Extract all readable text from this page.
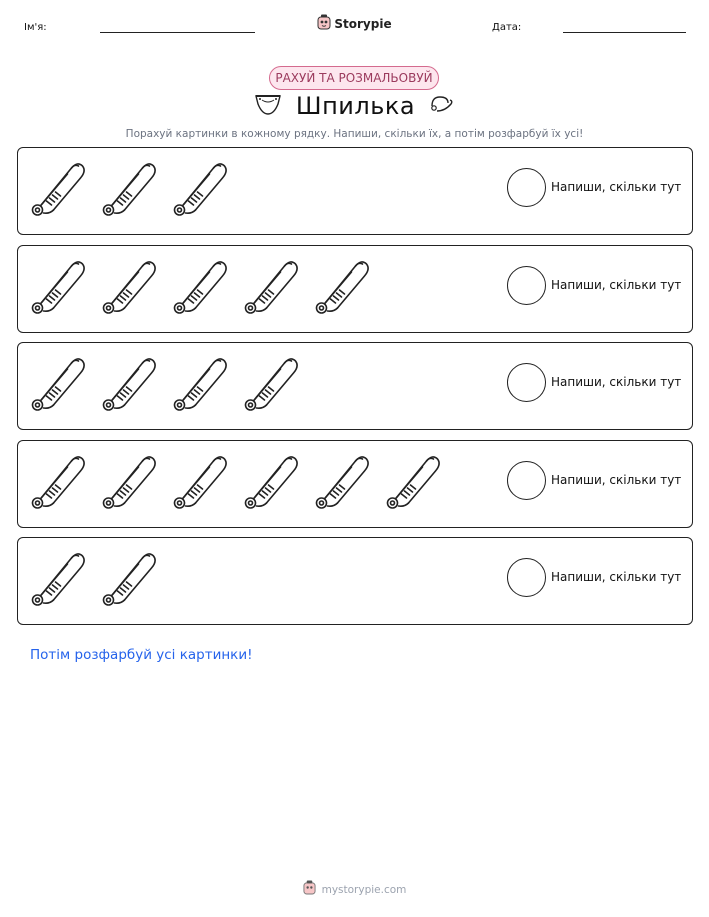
Ім'я:	Storypie	Дата:
РАХУЙ ТА РОЗМАЛЬОВУЙ
Шпилька
Порахуй картинки в кожному рядку. Напиши, скільки їх, а потім розфарбуй їх усі!
Напиши, скільки тут
Напиши, скільки тут
Напиши, скільки тут
Напиши, скільки тут
Напиши, скільки тут
Потім розфарбуй усі картинки!
mystorypie.com
